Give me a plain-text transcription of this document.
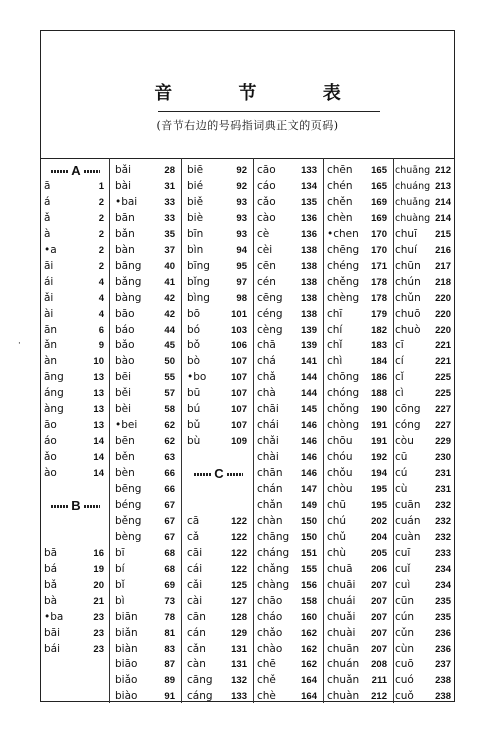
音 节 表
(音节右边的号码指词典正文的页码)
A
ā	1
á	2
ǎ	2
à	2
•a	2
āi	2
ái	4
ǎi	4
ài	4
ān	6
ǎn	9
àn	10
āng	13
áng	13
àng	13
āo	13
áo	14
ǎo	14
ào	14
B
bā	16
bá	19
bǎ	20
bà	21
•ba	23
bāi	23
bái	23
bǎi	28
bài	31
•bai	33
bān	33
bǎn	35
bàn	37
bāng 40
bǎng 41
bàng 42
bāo	42
báo	44
bǎo	45
bào	50
bēi	55
běi	57
bèi	58
•bei	62
bēn	62
běn	63
bèn	66
bēng 66
béng 67
běng 67
bèng 67
bī	68
bí	68
bǐ	69
bì	73
biān	78
biǎn	81
biàn	83
biāo	87
biǎo	89
biào	91
biē	92
bié	92
biě	93
biè	93
bīn	93
bìn	94
bīng	95
bǐng	97
bìng	98
bō	101
bó	103
bǒ	106
bò	107
•bo	107
bū	107
bú	107
bǔ	107
bù	109
C
cā	122
cǎ	122
cāi	122
cái	122
cǎi	125
cài	127
cān	128
cán	129
cǎn	131
càn	131
cāng 132
cáng 133
cāo	133
cáo	134
cǎo	135
cào	136
cè	136
cèi	138
cēn	138
cén	138
cēng 138
céng 138
cèng 139
chā	139
chá	141
chǎ	144
chà	144
chāi 145
chái 146
chǎi 146
chài 146
chān 146
chán 147
chǎn 149
chàn 150
chāng 150
cháng 151
chǎng 155
chàng 156
chāo 158
cháo 160
chǎo 162
chào 162
chē	162
chě	164
chè	164
chēn 165
chén 165
chěn 169
chèn 169
•chen 170
chēng 170
chéng 171
chěng 178
chèng 178
chī	179
chí	182
chǐ	183
chì	184
chōng 186
chóng 188
chǒng 190
chòng 191
chōu 191
chóu 192
chǒu 194
chòu 195
chū	195
chú	202
chǔ	204
chù	205
chuā 206
chuāi 207
chuái 207
chuǎi 207
chuài 207
chuān 207
chuán 208
chuǎn 211
chuàn 212
chuāng 212
chuáng 213
chuǎng 214
chuàng 214
chuī 215
chuí 216
chūn 217
chún 218
chǔn 220
chuō 220
chuò 220
cī	221
cí	221
cǐ	225
cì	225
cōng 227
cóng 227
còu 229
cū	230
cú	231
cù	231
cuān 232
cuán 232
cuàn 232
cuī	233
cuǐ	234
cuì	234
cūn 235
cún 235
cǔn 236
cùn 236
cuō 237
cuó 238
cuǒ 238
·
